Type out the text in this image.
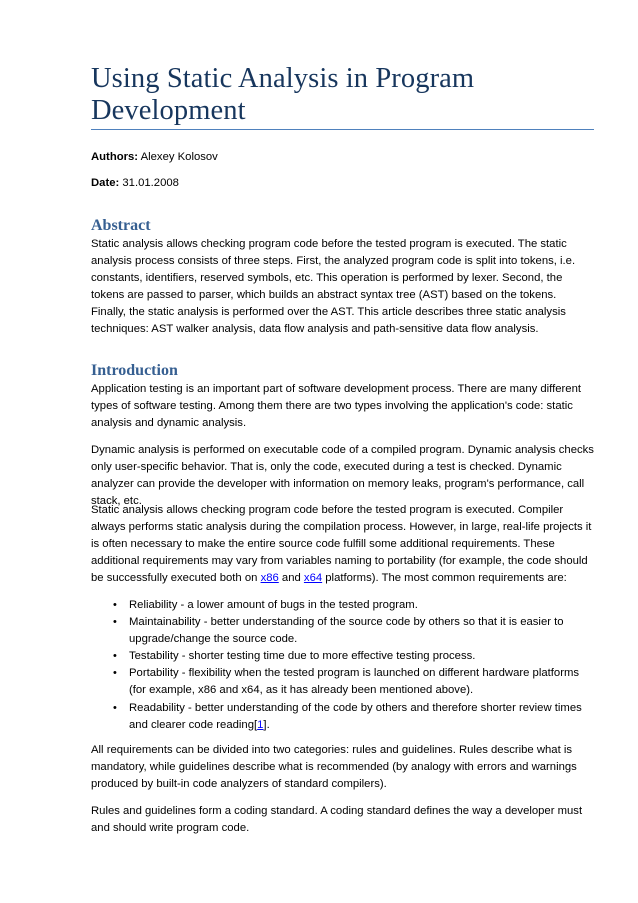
Using Static Analysis in Program Development

Authors: Alexey Kolosov

Date: 31.01.2008

Abstract

Static analysis allows checking program code before the tested program is executed. The static analysis process consists of three steps. First, the analyzed program code is split into tokens, i.e. constants, identifiers, reserved symbols, etc. This operation is performed by lexer. Second, the tokens are passed to parser, which builds an abstract syntax tree (AST) based on the tokens. Finally, the static analysis is performed over the AST. This article describes three static analysis techniques: AST walker analysis, data flow analysis and path-sensitive data flow analysis.

Introduction

Application testing is an important part of software development process. There are many different types of software testing. Among them there are two types involving the application's code: static analysis and dynamic analysis.

Dynamic analysis is performed on executable code of a compiled program. Dynamic analysis checks only user-specific behavior. That is, only the code, executed during a test is checked. Dynamic analyzer can provide the developer with information on memory leaks, program's performance, call stack, etc.

Static analysis allows checking program code before the tested program is executed. Compiler always performs static analysis during the compilation process. However, in large, real-life projects it is often necessary to make the entire source code fulfill some additional requirements. These additional requirements may vary from variables naming to portability (for example, the code should be successfully executed both on x86 and x64 platforms). The most common requirements are:

• Reliability - a lower amount of bugs in the tested program.
• Maintainability - better understanding of the source code by others so that it is easier to upgrade/change the source code.
• Testability - shorter testing time due to more effective testing process.
• Portability - flexibility when the tested program is launched on different hardware platforms (for example, x86 and x64, as it has already been mentioned above).
• Readability - better understanding of the code by others and therefore shorter review times and clearer code reading[1].

All requirements can be divided into two categories: rules and guidelines. Rules describe what is mandatory, while guidelines describe what is recommended (by analogy with errors and warnings produced by built-in code analyzers of standard compilers).

Rules and guidelines form a coding standard. A coding standard defines the way a developer must and should write program code.
